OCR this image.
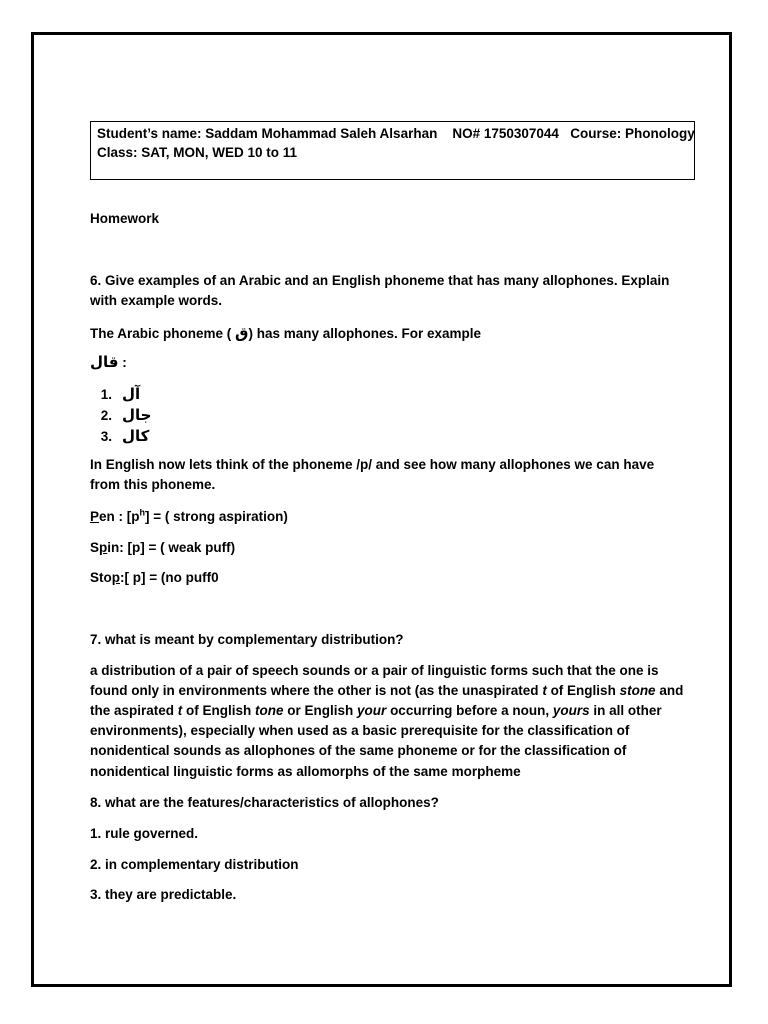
Student’s name: Saddam Mohammad Saleh Alsarhan NO# 1750307044 Course: Phonology
Class: SAT, MON, WED 10 to 11
Homework
6. Give examples of an Arabic and an English phoneme that has many allophones. Explain
with example words.
The Arabic phoneme ( ق) has many allophones. For example
قال :
1. آل
2. جال
3. كال
In English now lets think of the phoneme /p/ and see how many allophones we can have
from this phoneme.
Pen : $[p^h]$ = ( strong aspiration)
Spin: [p] = ( weak puff)
Stop:[ p] = (no puff0
7. what is meant by complementary distribution?
a distribution of a pair of speech sounds or a pair of linguistic forms such that the one is
found only in environments where the other is not (as the unaspirated t of English stone and
the aspirated t of English tone or English your occurring before a noun, yours in all other
environments), especially when used as a basic prerequisite for the classification of
nonidentical sounds as allophones of the same phoneme or for the classification of
nonidentical linguistic forms as allomorphs of the same morpheme
8. what are the features/characteristics of allophones?
1. rule governed.
2. in complementary distribution
3. they are predictable.
